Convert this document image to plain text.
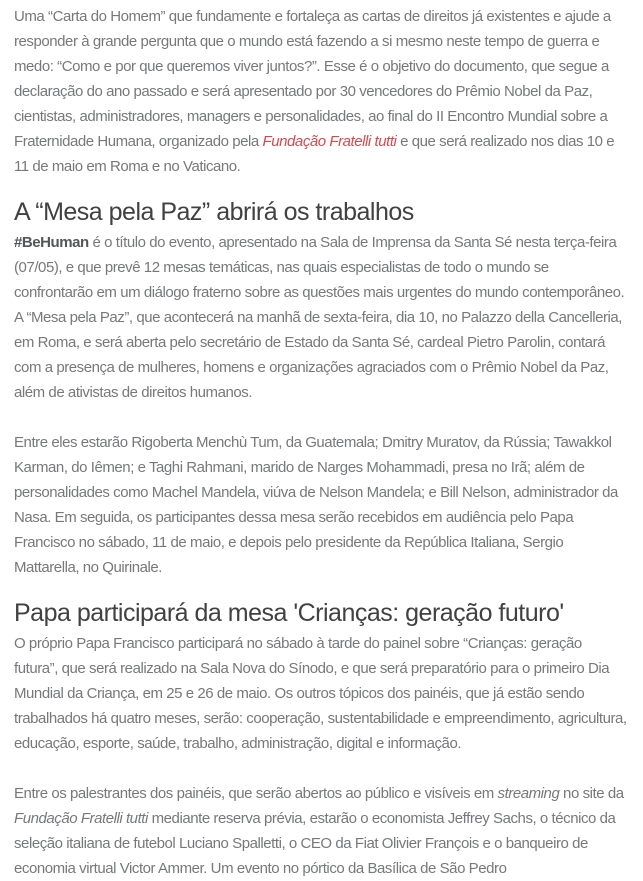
Uma “Carta do Homem” que fundamente e fortaleça as cartas de direitos já existentes e ajude a responder à grande pergunta que o mundo está fazendo a si mesmo neste tempo de guerra e medo: “Como e por que queremos viver juntos?”. Esse é o objetivo do documento, que segue a declaração do ano passado e será apresentado por 30 vencedores do Prêmio Nobel da Paz, cientistas, administradores, managers e personalidades, ao final do II Encontro Mundial sobre a Fraternidade Humana, organizado pela Fundação Fratelli tutti e que será realizado nos dias 10 e 11 de maio em Roma e no Vaticano.

A “Mesa pela Paz” abrirá os trabalhos

#BeHuman é o título do evento, apresentado na Sala de Imprensa da Santa Sé nesta terça-feira (07/05), e que prevê 12 mesas temáticas, nas quais especialistas de todo o mundo se confrontarão em um diálogo fraterno sobre as questões mais urgentes do mundo contemporâneo. A “Mesa pela Paz”, que acontecerá na manhã de sexta-feira, dia 10, no Palazzo della Cancelleria, em Roma, e será aberta pelo secretário de Estado da Santa Sé, cardeal Pietro Parolin, contará com a presença de mulheres, homens e organizações agraciados com o Prêmio Nobel da Paz, além de ativistas de direitos humanos.

Entre eles estarão Rigoberta Menchù Tum, da Guatemala; Dmitry Muratov, da Rússia; Tawakkol Karman, do Iêmen; e Taghi Rahmani, marido de Narges Mohammadi, presa no Irã; além de personalidades como Machel Mandela, viúva de Nelson Mandela; e Bill Nelson, administrador da Nasa. Em seguida, os participantes dessa mesa serão recebidos em audiência pelo Papa Francisco no sábado, 11 de maio, e depois pelo presidente da República Italiana, Sergio Mattarella, no Quirinale.

Papa participará da mesa 'Crianças: geração futuro'

O próprio Papa Francisco participará no sábado à tarde do painel sobre “Crianças: geração futura”, que será realizado na Sala Nova do Sínodo, e que será preparatório para o primeiro Dia Mundial da Criança, em 25 e 26 de maio. Os outros tópicos dos painéis, que já estão sendo trabalhados há quatro meses, serão: cooperação, sustentabilidade e empreendimento, agricultura, educação, esporte, saúde, trabalho, administração, digital e informação.

Entre os palestrantes dos painéis, que serão abertos ao público e visíveis em streaming no site da Fundação Fratelli tutti mediante reserva prévia, estarão o economista Jeffrey Sachs, o técnico da seleção italiana de futebol Luciano Spalletti, o CEO da Fiat Olivier François e o banqueiro de economia virtual Victor Ammer. Um evento no pórtico da Basílica de São Pedro
